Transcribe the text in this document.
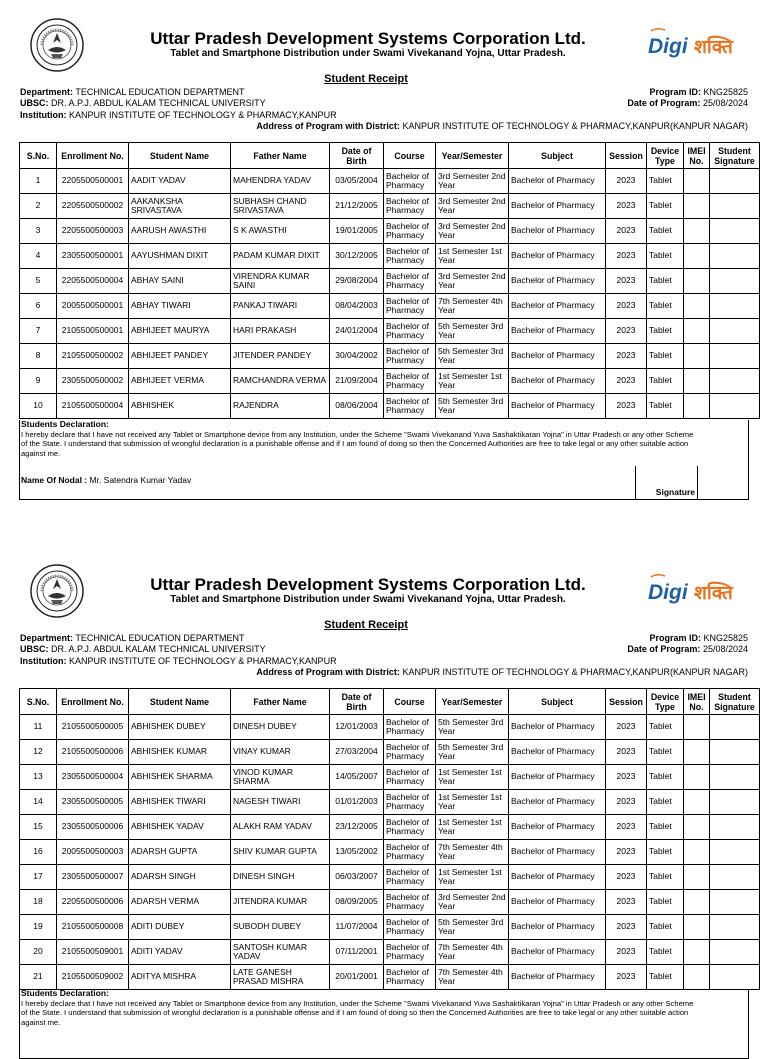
Uttar Pradesh Development Systems Corporation Ltd.
Tablet and Smartphone Distribution under Swami Vivekanand Yojna, Uttar Pradesh.	Digi शक्ति
Student Receipt
Department: TECHNICAL EDUCATION DEPARTMENT
UBSC: DR. A.P.J. ABDUL KALAM TECHNICAL UNIVERSITY
Institution: KANPUR INSTITUTE OF TECHNOLOGY & PHARMACY,KANPUR
Program ID: KNG25825
Date of Program: 25/08/2024
Address of Program with District: KANPUR INSTITUTE OF TECHNOLOGY & PHARMACY,KANPUR(KANPUR NAGAR)
S.No.	Enrollment No.	Student Name	Father Name	Date of Birth	Course	Year/Semester	Subject	Session	Device Type	IMEI No.	Student Signature
1	2205500500001	AADIT YADAV	MAHENDRA YADAV	03/05/2004	Bachelor of Pharmacy	3rd Semester 2nd Year	Bachelor of Pharmacy	2023	Tablet		
2	2205500500002	AAKANKSHA SRIVASTAVA	SUBHASH CHAND SRIVASTAVA	21/12/2005	Bachelor of Pharmacy	3rd Semester 2nd Year	Bachelor of Pharmacy	2023	Tablet		
3	2205500500003	AARUSH AWASTHI	S K AWASTHI	19/01/2005	Bachelor of Pharmacy	3rd Semester 2nd Year	Bachelor of Pharmacy	2023	Tablet		
4	2305500500001	AAYUSHMAN DIXIT	PADAM KUMAR DIXIT	30/12/2005	Bachelor of Pharmacy	1st Semester 1st Year	Bachelor of Pharmacy	2023	Tablet		
5	2205500500004	ABHAY SAINI	VIRENDRA KUMAR SAINI	29/08/2004	Bachelor of Pharmacy	3rd Semester 2nd Year	Bachelor of Pharmacy	2023	Tablet		
6	2005500500001	ABHAY TIWARI	PANKAJ TIWARI	08/04/2003	Bachelor of Pharmacy	7th Semester 4th Year	Bachelor of Pharmacy	2023	Tablet		
7	2105500500001	ABHIJEET MAURYA	HARI PRAKASH	24/01/2004	Bachelor of Pharmacy	5th Semester 3rd Year	Bachelor of Pharmacy	2023	Tablet		
8	2105500500002	ABHIJEET PANDEY	JITENDER PANDEY	30/04/2002	Bachelor of Pharmacy	5th Semester 3rd Year	Bachelor of Pharmacy	2023	Tablet		
9	2305500500002	ABHIJEET VERMA	RAMCHANDRA VERMA	21/09/2004	Bachelor of Pharmacy	1st Semester 1st Year	Bachelor of Pharmacy	2023	Tablet		
10	2105500500004	ABHISHEK	RAJENDRA	08/06/2004	Bachelor of Pharmacy	5th Semester 3rd Year	Bachelor of Pharmacy	2023	Tablet		
Students Declaration:
I hereby declare that I have not received any Tablet or Smartphone device from any Institution, under the Scheme "Swami Vivekanand Yuva Sashaktikaran Yojna" in Uttar Pradesh or any other Scheme of the State. I understand that submission of wrongful declaration is a punishable offense and if I am found of doing so then the Concerned Authorities are free to take legal or any other suitable action against me.
Name Of Nodal : Mr. Satendra Kumar Yadav
Signature
Uttar Pradesh Development Systems Corporation Ltd.
Tablet and Smartphone Distribution under Swami Vivekanand Yojna, Uttar Pradesh.	Digi शक्ति
Student Receipt
Department: TECHNICAL EDUCATION DEPARTMENT
UBSC: DR. A.P.J. ABDUL KALAM TECHNICAL UNIVERSITY
Institution: KANPUR INSTITUTE OF TECHNOLOGY & PHARMACY,KANPUR
Program ID: KNG25825
Date of Program: 25/08/2024
Address of Program with District: KANPUR INSTITUTE OF TECHNOLOGY & PHARMACY,KANPUR(KANPUR NAGAR)
S.No.	Enrollment No.	Student Name	Father Name	Date of Birth	Course	Year/Semester	Subject	Session	Device Type	IMEI No.	Student Signature
11	2105500500005	ABHISHEK DUBEY	DINESH DUBEY	12/01/2003	Bachelor of Pharmacy	5th Semester 3rd Year	Bachelor of Pharmacy	2023	Tablet		
12	2105500500006	ABHISHEK KUMAR	VINAY KUMAR	27/03/2004	Bachelor of Pharmacy	5th Semester 3rd Year	Bachelor of Pharmacy	2023	Tablet		
13	2305500500004	ABHISHEK SHARMA	VINOD KUMAR SHARMA	14/05/2007	Bachelor of Pharmacy	1st Semester 1st Year	Bachelor of Pharmacy	2023	Tablet		
14	2305500500005	ABHISHEK TIWARI	NAGESH TIWARI	01/01/2003	Bachelor of Pharmacy	1st Semester 1st Year	Bachelor of Pharmacy	2023	Tablet		
15	2305500500006	ABHISHEK YADAV	ALAKH RAM YADAV	23/12/2005	Bachelor of Pharmacy	1st Semester 1st Year	Bachelor of Pharmacy	2023	Tablet		
16	2005500500003	ADARSH GUPTA	SHIV KUMAR GUPTA	13/05/2002	Bachelor of Pharmacy	7th Semester 4th Year	Bachelor of Pharmacy	2023	Tablet		
17	2305500500007	ADARSH SINGH	DINESH SINGH	06/03/2007	Bachelor of Pharmacy	1st Semester 1st Year	Bachelor of Pharmacy	2023	Tablet		
18	2205500500006	ADARSH VERMA	JITENDRA KUMAR	08/09/2005	Bachelor of Pharmacy	3rd Semester 2nd Year	Bachelor of Pharmacy	2023	Tablet		
19	2105500500008	ADITI DUBEY	SUBODH DUBEY	11/07/2004	Bachelor of Pharmacy	5th Semester 3rd Year	Bachelor of Pharmacy	2023	Tablet		
20	2105500509001	ADITI YADAV	SANTOSH KUMAR YADAV	07/11/2001	Bachelor of Pharmacy	7th Semester 4th Year	Bachelor of Pharmacy	2023	Tablet		
21	2105500509002	ADITYA MISHRA	LATE GANESH PRASAD MISHRA	20/01/2001	Bachelor of Pharmacy	7th Semester 4th Year	Bachelor of Pharmacy	2023	Tablet		
Students Declaration:
I hereby declare that I have not received any Tablet or Smartphone device from any Institution, under the Scheme "Swami Vivekanand Yuva Sashaktikaran Yojna" in Uttar Pradesh or any other Scheme of the State. I understand that submission of wrongful declaration is a punishable offense and if I am found of doing so then the Concerned Authorities are free to take legal or any other suitable action against me.
